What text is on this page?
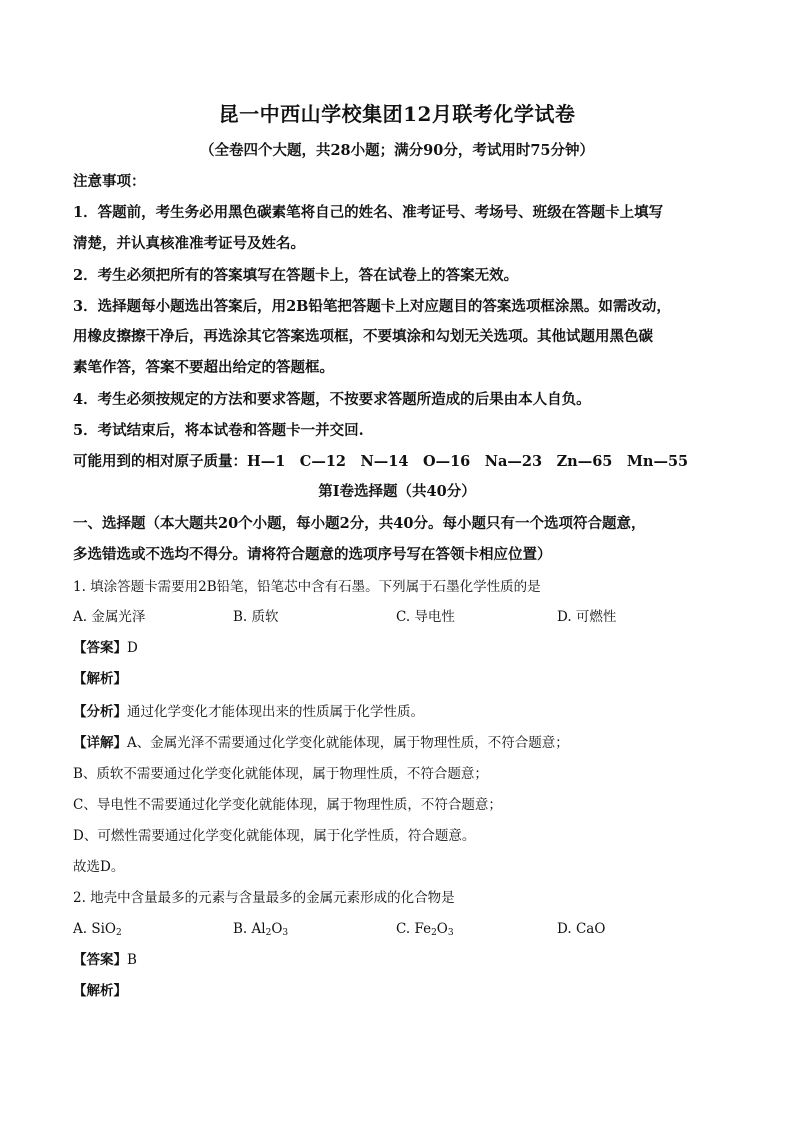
昆一中西山学校集团12月联考化学试卷
（全卷四个大题，共28小题；满分90分，考试用时75分钟）
注意事项：
1．答题前，考生务必用黑色碳素笔将自己的姓名、准考证号、考场号、班级在答题卡上填写
清楚，并认真核准准考证号及姓名。
2．考生必须把所有的答案填写在答题卡上，答在试卷上的答案无效。
3．选择题每小题选出答案后，用2B铅笔把答题卡上对应题目的答案选项框涂黑。如需改动，
用橡皮擦擦干净后，再选涂其它答案选项框，不要填涂和勾划无关选项。其他试题用黑色碳
素笔作答，答案不要超出给定的答题框。
4．考生必须按规定的方法和要求答题，不按要求答题所造成的后果由本人自负。
5．考试结束后，将本试卷和答题卡一并交回.
可能用到的相对原子质量：H—1　C—12　N—14　O—16　Na—23　Zn—65　Mn—55
第I卷选择题（共40分）
一、选择题（本大题共20个小题，每小题2分，共40分。每小题只有一个选项符合题意，
多选错选或不选均不得分。请将符合题意的选项序号写在答领卡相应位置）
1. 填涂答题卡需要用2B铅笔，铅笔芯中含有石墨。下列属于石墨化学性质的是
A. 金属光泽	B. 质软	C. 导电性	D. 可燃性
【答案】D
【解析】
【分析】通过化学变化才能体现出来的性质属于化学性质。
【详解】A、金属光泽不需要通过化学变化就能体现，属于物理性质，不符合题意；
B、质软不需要通过化学变化就能体现，属于物理性质，不符合题意；
C、导电性不需要通过化学变化就能体现，属于物理性质，不符合题意；
D、可燃性需要通过化学变化就能体现，属于化学性质，符合题意。
故选D。
2. 地壳中含量最多的元素与含量最多的金属元素形成的化合物是
A. SiO$_2$	B. $Al_2O_3$	C. $Fe_2O_3$	D. CaO
【答案】B
【解析】
